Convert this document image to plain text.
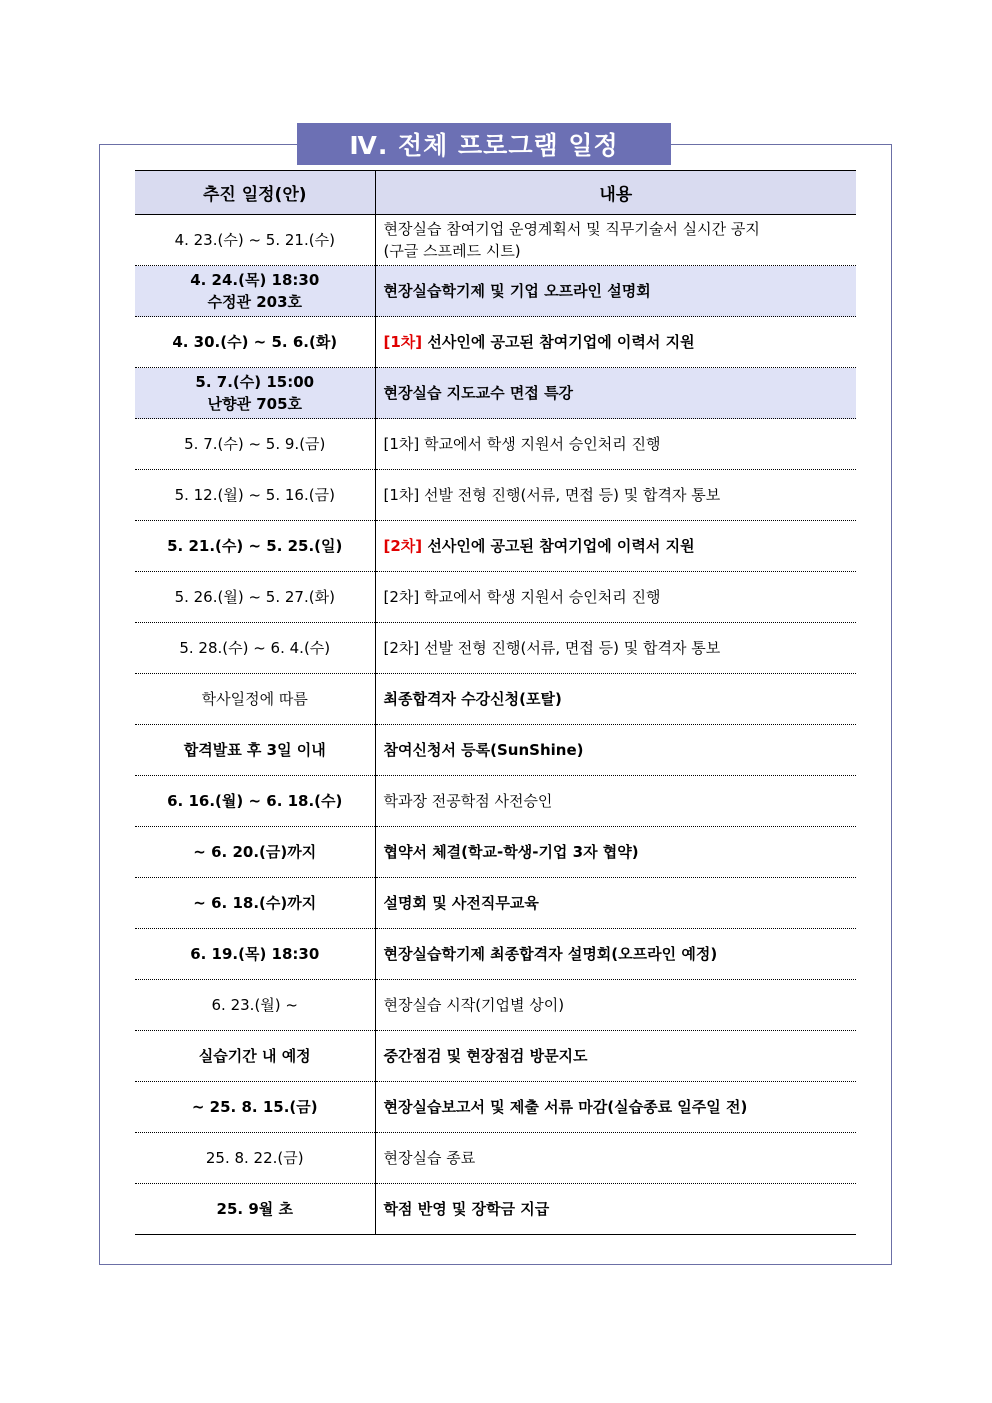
Ⅳ. 전체 프로그램 일정
추진 일정(안)	내용

4. 23.(수) ~ 5. 21.(수)	현장실습 참여기업 운영계획서 및 직무기술서 실시간 공지
(구글 스프레드 시트)

4. 24.(목) 18:30
수정관 203호	현장실습학기제 및 기업 오프라인 설명회

4. 30.(수) ~ 5. 6.(화)	[1차] 선사인에 공고된 참여기업에 이력서 지원

5. 7.(수) 15:00
난향관 705호	현장실습 지도교수 면접 특강

5. 7.(수) ~ 5. 9.(금)	[1차] 학교에서 학생 지원서 승인처리 진행

5. 12.(월) ~ 5. 16.(금)	[1차] 선발 전형 진행(서류, 면접 등) 및 합격자 통보

5. 21.(수) ~ 5. 25.(일)	[2차] 선사인에 공고된 참여기업에 이력서 지원

5. 26.(월) ~ 5. 27.(화)	[2차] 학교에서 학생 지원서 승인처리 진행

5. 28.(수) ~ 6. 4.(수)	[2차] 선발 전형 진행(서류, 면접 등) 및 합격자 통보

학사일정에 따름	최종합격자 수강신청(포탈)

합격발표 후 3일 이내	참여신청서 등록(SunShine)

6. 16.(월) ~ 6. 18.(수)	학과장 전공학점 사전승인

~ 6. 20.(금)까지	협약서 체결(학교-학생-기업 3자 협약)

~ 6. 18.(수)까지	설명회 및 사전직무교육

6. 19.(목) 18:30	현장실습학기제 최종합격자 설명회(오프라인 예정)

6. 23.(월) ~	현장실습 시작(기업별 상이)

실습기간 내 예정	중간점검 및 현장점검 방문지도

~ 25. 8. 15.(금)	현장실습보고서 및 제출 서류 마감(실습종료 일주일 전)

25. 8. 22.(금)	현장실습 종료

25. 9월 초	학점 반영 및 장학금 지급
